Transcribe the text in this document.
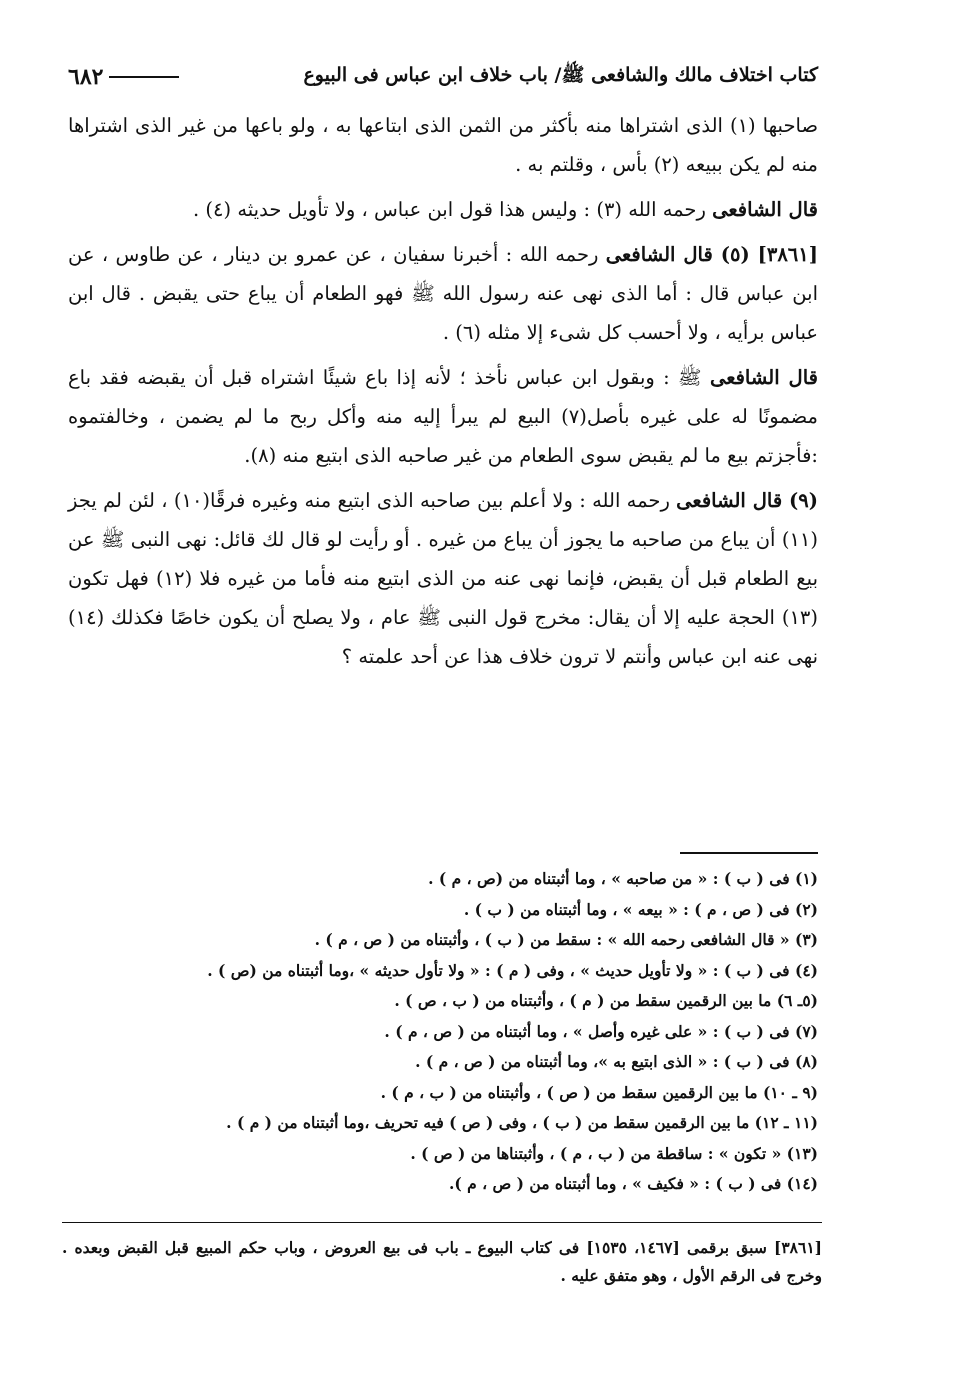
كتاب اختلاف مالك والشافعى ﷺ/ باب خلاف ابن عباس فى البيوع
٦٨٢

صاحبها (١) الذى اشتراها منه بأكثر من الثمن الذى ابتاعها به ، ولو باعها من غير الذى اشتراها منه لم يكن ببيعه (٢) بأس ، وقلتم به .

قال الشافعى رحمه الله (٣) : وليس هذا قول ابن عباس ، ولا تأويل حديثه (٤) .

[٣٨٦١] (٥) قال الشافعى رحمه الله : أخبرنا سفيان ، عن عمرو بن دينار ، عن طاوس ، عن ابن عباس قال : أما الذى نهى عنه رسول الله ﷺ فهو الطعام أن يباع حتى يقبض . قال ابن عباس برأيه ، ولا أحسب كل شىء إلا مثله (٦) .

قال الشافعى ﷺ : وبقول ابن عباس نأخذ ؛ لأنه إذا باع شيئًا اشتراه قبل أن يقبضه فقد باع مضمونًا له على غيره بأصل(٧) البيع لم يبرأ إليه منه وأكل ربح ما لم يضمن ، وخالفتموه :فأجزتم بيع ما لم يقبض سوى الطعام من غير صاحبه الذى ابتيع منه (٨).

(٩) قال الشافعى رحمه الله : ولا أعلم بين صاحبه الذى ابتيع منه وغيره فرقًا(١٠) ، لئن لم يجز (١١) أن يباع من صاحبه ما يجوز أن يباع من غيره . أو رأيت لو قال لك قائل: نهى النبى ﷺ عن بيع الطعام قبل أن يقبض، فإنما نهى عنه من الذى ابتيع منه فأما من غيره فلا (١٢) فهل تكون (١٣) الحجة عليه إلا أن يقال: مخرج قول النبى ﷺ عام ، ولا يصلح أن يكون خاصًا فكذلك (١٤) نهى عنه ابن عباس وأنتم لا ترون خلاف هذا عن أحد علمته ؟

(١) فى ( ب ) : « من صاحبه » ، وما أثبتناه من (ص ، م ) .
(٢) فى ( ص ، م ) : « بيعه » ، وما أثبتناه من ( ب ) .
(٣) « قال الشافعى رحمه الله » : سقط من ( ب ) ، وأثبتناه من ( ص ، م ) .
(٤) فى ( ب ) : « ولا تأويل حديث » ، وفى ( م ) : « ولا تأول حديثه » ،وما أثبتناه من (ص ) .
(٥ـ ٦) ما بين الرقمين سقط من ( م ) ، وأثبتناه من ( ب ، ص ) .
(٧) فى ( ب ) : « على غيره وأصل » ، وما أثبتناه من ( ص ، م ) .
(٨) فى ( ب ) : « الذى ابتيع به »، وما أثبتناه من ( ص ، م ) .
(٩ ـ ١٠) ما بين الرقمين سقط من ( ص ) ، وأثبتناه من ( ب ، م ) .
(١١ ـ ١٢) ما بين الرقمين سقط من ( ب ) ، وفى ( ص ) فيه تحريف ،وما أثبتناه من ( م ) .
(١٣) « تكون » : ساقطة من ( ب ، م ) ، وأثبتناها من ( ص ) .
(١٤) فى ( ب ) : « فكيف » ، وما أثبتناه من ( ص ، م ).
[٣٨٦١] سبق برقمى [١٤٦٧، ١٥٣٥] فى كتاب البيوع ـ باب فى بيع العروض ، وباب حكم المبيع قبل القبض وبعده . وخرج فى الرقم الأول ، وهو متفق عليه .
